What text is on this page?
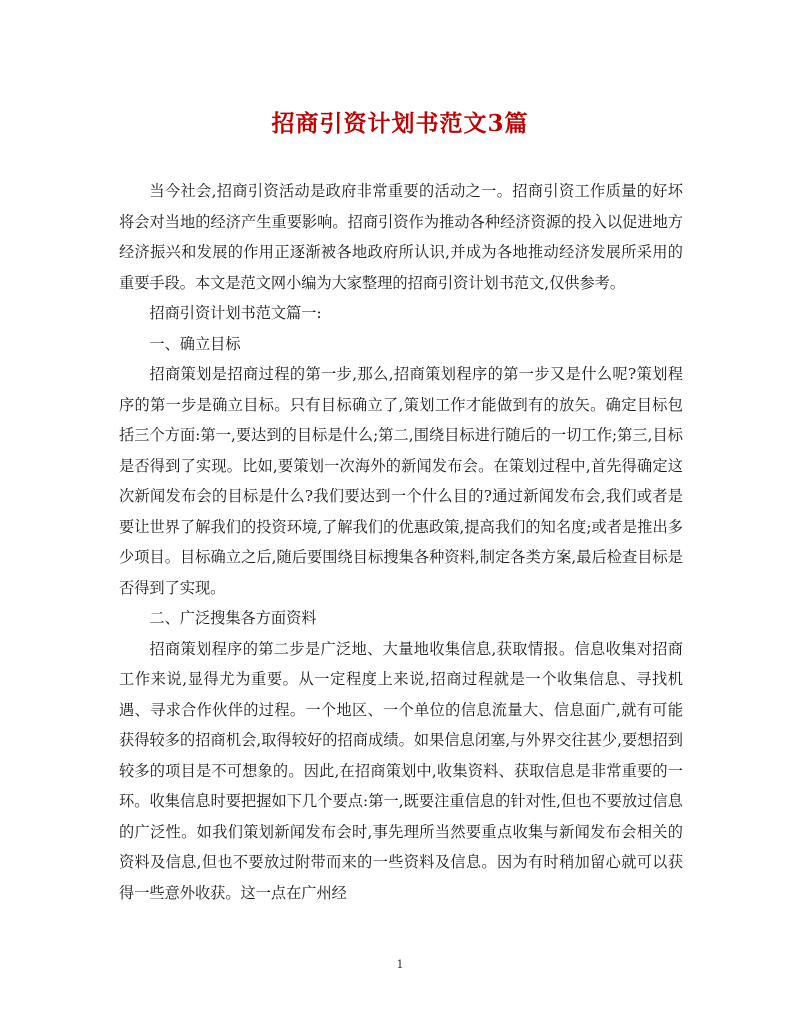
招商引资计划书范文3篇

当今社会,招商引资活动是政府非常重要的活动之一。招商引资工作质量的好坏将会对当地的经济产生重要影响。招商引资作为推动各种经济资源的投入以促进地方经济振兴和发展的作用正逐渐被各地政府所认识,并成为各地推动经济发展所采用的重要手段。本文是范文网小编为大家整理的招商引资计划书范文,仅供参考。

招商引资计划书范文篇一:

一、确立目标

招商策划是招商过程的第一步,那么,招商策划程序的第一步又是什么呢?策划程序的第一步是确立目标。只有目标确立了,策划工作才能做到有的放矢。确定目标包括三个方面:第一,要达到的目标是什么;第二,围绕目标进行随后的一切工作;第三,目标是否得到了实现。比如,要策划一次海外的新闻发布会。在策划过程中,首先得确定这次新闻发布会的目标是什么?我们要达到一个什么目的?通过新闻发布会,我们或者是要让世界了解我们的投资环境,了解我们的优惠政策,提高我们的知名度;或者是推出多少项目。目标确立之后,随后要围绕目标搜集各种资料,制定各类方案,最后检查目标是否得到了实现。

二、广泛搜集各方面资料

招商策划程序的第二步是广泛地、大量地收集信息,获取情报。信息收集对招商工作来说,显得尤为重要。从一定程度上来说,招商过程就是一个收集信息、寻找机遇、寻求合作伙伴的过程。一个地区、一个单位的信息流量大、信息面广,就有可能获得较多的招商机会,取得较好的招商成绩。如果信息闭塞,与外界交往甚少,要想招到较多的项目是不可想象的。因此,在招商策划中,收集资料、获取信息是非常重要的一环。收集信息时要把握如下几个要点:第一,既要注重信息的针对性,但也不要放过信息的广泛性。如我们策划新闻发布会时,事先理所当然要重点收集与新闻发布会相关的资料及信息,但也不要放过附带而来的一些资料及信息。因为有时稍加留心就可以获得一些意外收获。这一点在广州经

1
